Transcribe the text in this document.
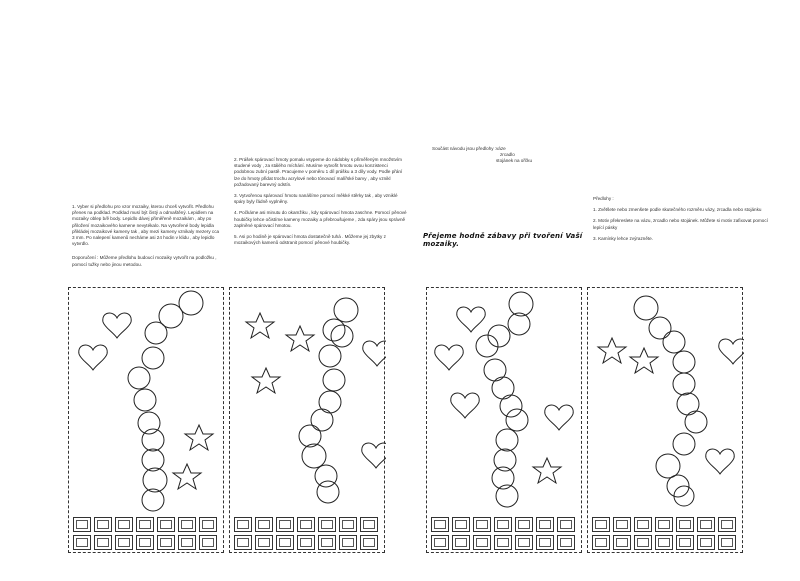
1. Vyber si předlohu pro vzor mozaiky, kterou chceš vytvořit. Předlohu přenes na podklad. Podklad musí být čistý a odmaštěný. Lepidlem na mozaiky oblep b/ě body. Lepidlo dávej přiměřeně mozaikám , aby po přiložení mozaikového kamene nevytékalo. Na vytvořené body lepidla přikládej mozaikové kameny tak , aby mezi kameny vznikaly mezery cca 3 mm. Po nalepení kamenů necháme asi 24 hodin v klidu , aby lepidlo vytvrdlo.

Doporučení : Můžeme předlohu budoucí mozaiky vytvořit na podložku , pomocí tužky nebo jinou metodou.

2. Prášek spárovací hmoty pomalu vsypeme do nádobky s přiměřeným množstvím studené vody , za stálého míchání. Musíme vytvořit hmotu ovou konzistenci podobnou zubní pastě. Pracujeme v poměru 1 díl prášku a 3 díly vody. Podle přání lze do hmoty přidat trochu acrylové nebo tónovací malířské barvy , aby vznikl požadovaný barevný odstín.

3. Vytvořenou spárovací hmotu nanášíme pomocí měkké stěrky tak , aby vzniklé spáry byly řádně vyplněny.

4. Počkáme asi minutu do okamžiku , kdy spárovací hmota zaschne. Pomocí pěnové houbičky lehce očistíme kameny mozaiky a přebroušujeme , zda spáry jsou správně zaplněné spárovací hmotou.

5. Asi po hodině je spárovací hmota dostatečně tuhá . Můžeme jej zbytky z mozaikových kamenů odstranit pomocí pěnové houbičky.

Součást návodu jsou předlohy : váze
zrcadlo
stojánek na ořčku
Přejeme hodně zábavy při tvoření Vaší mozaiky.

Předlohy :

1. Zvětšete nebo zmenšete podle skutečného rozměru vázy, zrcadla nebo stojánku

2. Motiv překreslete na vázu, zrcadlo nebo stojánek. Můžete si motiv zafixovat pomocí lepící pásky

3. Kamínky lehce zvýrazněte.
